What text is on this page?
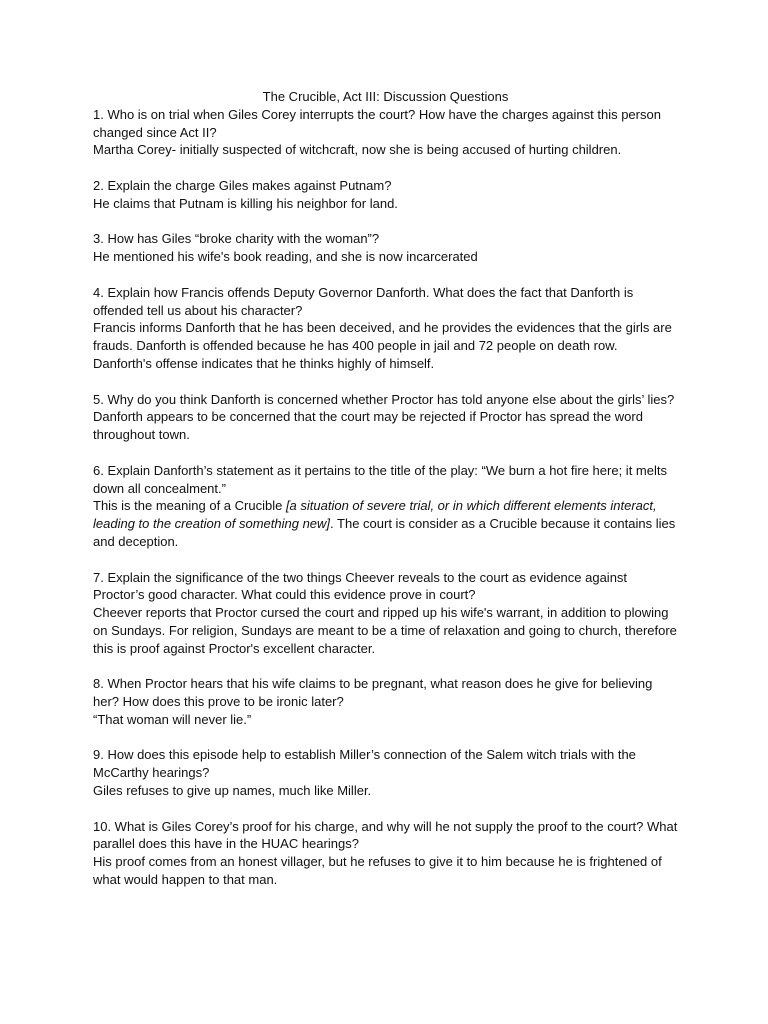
The Crucible, Act III: Discussion Questions

1. Who is on trial when Giles Corey interrupts the court? How have the charges against this person changed since Act II?

Martha Corey- initially suspected of witchcraft, now she is being accused of hurting children.

2. Explain the charge Giles makes against Putnam?

He claims that Putnam is killing his neighbor for land.

3. How has Giles “broke charity with the woman”?

He mentioned his wife's book reading, and she is now incarcerated

4. Explain how Francis offends Deputy Governor Danforth. What does the fact that Danforth is offended tell us about his character?

Francis informs Danforth that he has been deceived, and he provides the evidences that the girls are frauds. Danforth is offended because he has 400 people in jail and 72 people on death row. Danforth's offense indicates that he thinks highly of himself.

5. Why do you think Danforth is concerned whether Proctor has told anyone else about the girls’ lies?

Danforth appears to be concerned that the court may be rejected if Proctor has spread the word throughout town.

6. Explain Danforth’s statement as it pertains to the title of the play: “We burn a hot fire here; it melts down all concealment.”

This is the meaning of a Crucible [a situation of severe trial, or in which different elements interact, leading to the creation of something new]. The court is consider as a Crucible because it contains lies and deception.

7. Explain the significance of the two things Cheever reveals to the court as evidence against Proctor’s good character. What could this evidence prove in court?

Cheever reports that Proctor cursed the court and ripped up his wife's warrant, in addition to plowing on Sundays. For religion, Sundays are meant to be a time of relaxation and going to church, therefore this is proof against Proctor's excellent character.

8. When Proctor hears that his wife claims to be pregnant, what reason does he give for believing her? How does this prove to be ironic later?

“That woman will never lie.”

9. How does this episode help to establish Miller’s connection of the Salem witch trials with the McCarthy hearings?

Giles refuses to give up names, much like Miller.

10. What is Giles Corey’s proof for his charge, and why will he not supply the proof to the court? What parallel does this have in the HUAC hearings?

His proof comes from an honest villager, but he refuses to give it to him because he is frightened of what would happen to that man.
